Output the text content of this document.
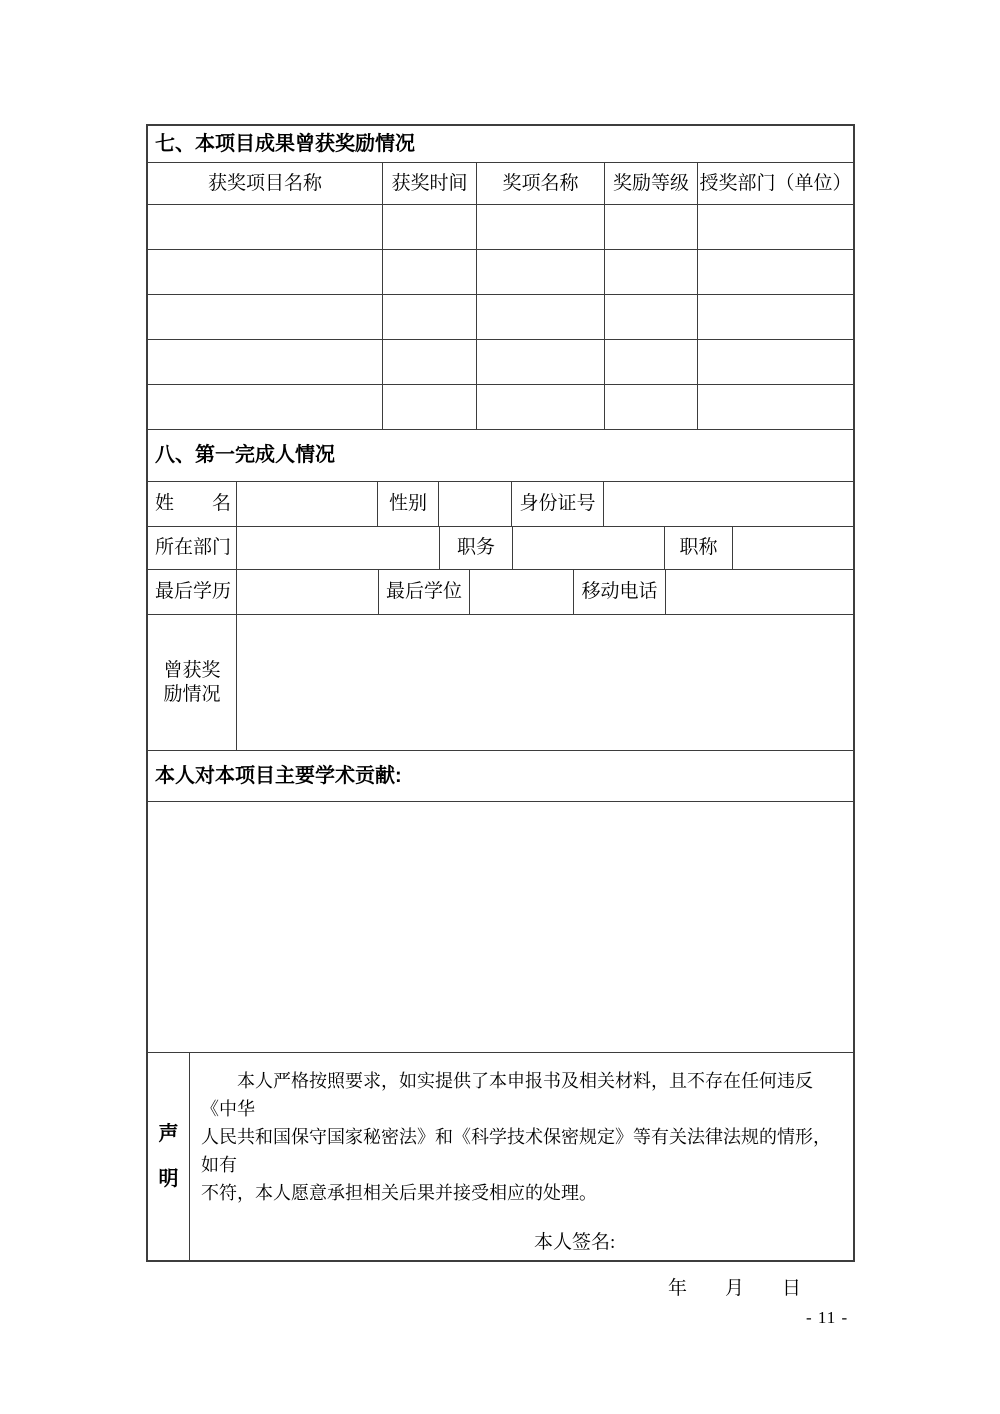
七、本项目成果曾获奖励情况
获奖项目名称	获奖时间	奖项名称	奖励等级 授奖部门（单位）
八、第一完成人情况
姓　　名	性别	身份证号
所在部门	职务	职称
最后学历	最后学位	移动电话
曾获奖
励情况
本人对本项目主要学术贡献:
声
明
本人严格按照要求，如实提供了本申报书及相关材料，且不存在任何违反《中华
人民共和国保守国家秘密法》和《科学技术保密规定》等有关法律法规的情形，如有
不符，本人愿意承担相关后果并接受相应的处理。
本人签名:
年　　月　　日
- 11 -
